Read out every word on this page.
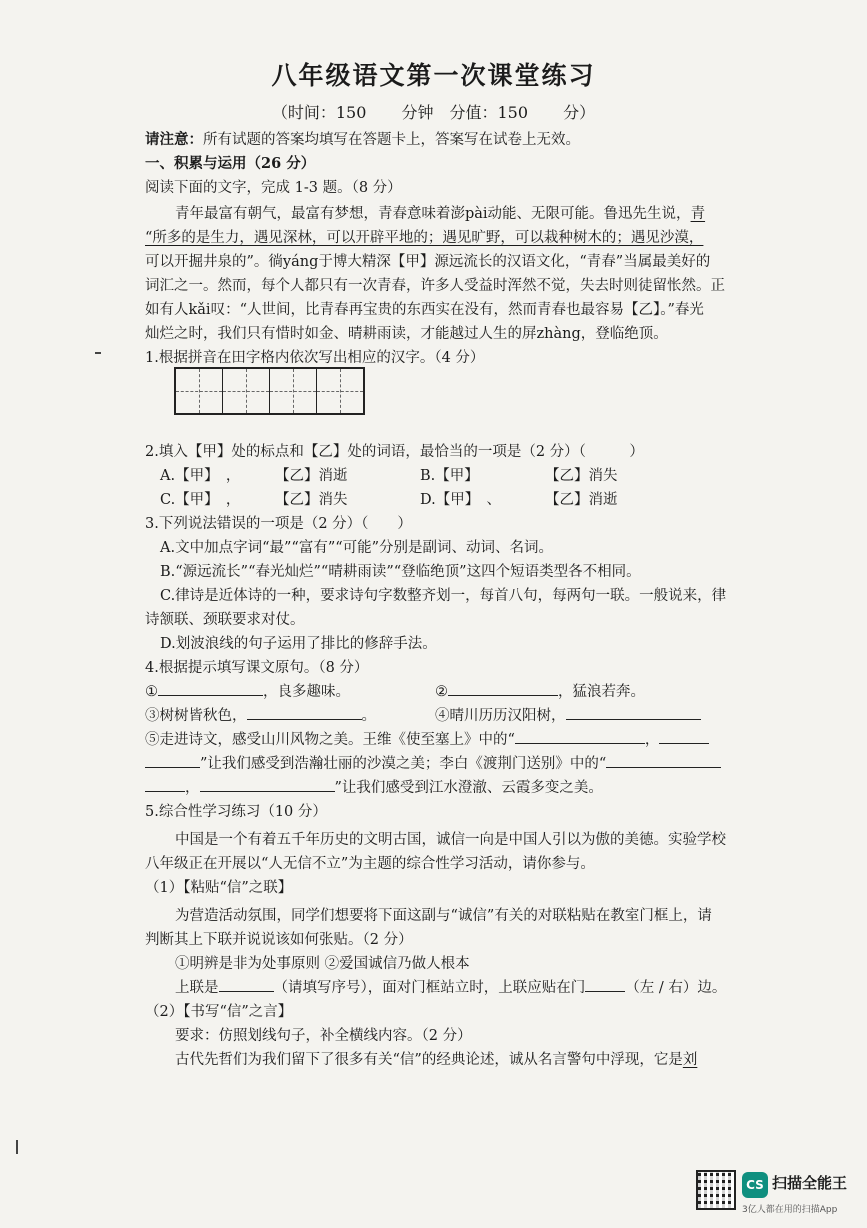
八年级语文第一次课堂练习
（时间：150 分钟　分值：150 分）
请注意：所有试题的答案均填写在答题卡上，答案写在试卷上无效。
一、积累与运用（26 分）
阅读下面的文字，完成 1-3 题。（8 分）
青年最富有朝气，最富有梦想，青春意味着澎pài动能、无限可能。鲁迅先生说，青
“所多的是生力，遇见深林，可以开辟平地的；遇见旷野，可以栽种树木的；遇见沙漠，
可以开掘井泉的”。徜yáng于博大精深【甲】源远流长的汉语文化，“青春”当属最美好的
词汇之一。然而，每个人都只有一次青春，许多人受益时浑然不觉，失去时则徒留怅然。正
如有人kǎi叹：“人世间，比青春再宝贵的东西实在没有，然而青春也最容易【乙】。”春光
灿烂之时，我们只有惜时如金、晴耕雨读，才能越过人生的屏zhàng，登临绝顶。
1.根据拼音在田字格内依次写出相应的汉字。（4 分）
2.填入【甲】处的标点和【乙】处的词语，最恰当的一项是（2 分）（　　　）
A.【甲】　， 【乙】消逝	B.【甲】	【乙】消失
C.【甲】　， 【乙】消失	D.【甲】　、	【乙】消逝
3.下列说法错误的一项是（2 分）（　　）
A.文中加点字词“最”“富有”“可能”分别是副词、动词、名词。
B.“源远流长”“春光灿烂”“晴耕雨读”“登临绝顶”这四个短语类型各不相同。
C.律诗是近体诗的一种，要求诗句字数整齐划一，每首八句，每两句一联。一般说来，律
诗颔联、颈联要求对仗。
D.划波浪线的句子运用了排比的修辞手法。
4.根据提示填写课文原句。（8 分）
①	，良多趣味。	②	，猛浪若奔。
③树树皆秋色，	。	④晴川历历汉阳树，
⑤走进诗文，感受山川风物之美。王维《使至塞上》中的“	，
”让我们感受到浩瀚壮丽的沙漠之美；李白《渡荆门送别》中的“
，	”让我们感受到江水澄澈、云霞多变之美。
5.综合性学习练习（10 分）
中国是一个有着五千年历史的文明古国，诚信一向是中国人引以为傲的美德。实验学校
八年级正在开展以“人无信不立”为主题的综合性学习活动，请你参与。
（1）【粘贴“信”之联】
为营造活动氛围，同学们想要将下面这副与“诚信”有关的对联粘贴在教室门框上，请
判断其上下联并说说该如何张贴。（2 分）
①明辨是非为处事原则 ②爱国诚信乃做人根本
上联是	（请填写序号），面对门框站立时，上联应贴在门	（左 / 右）边。
（2）【书写“信”之言】
要求：仿照划线句子，补全横线内容。（2 分）
古代先哲们为我们留下了很多有关“信”的经典论述，诚从名言警句中浮现，它是刘
CS 扫描全能王
3亿人都在用的扫描App
